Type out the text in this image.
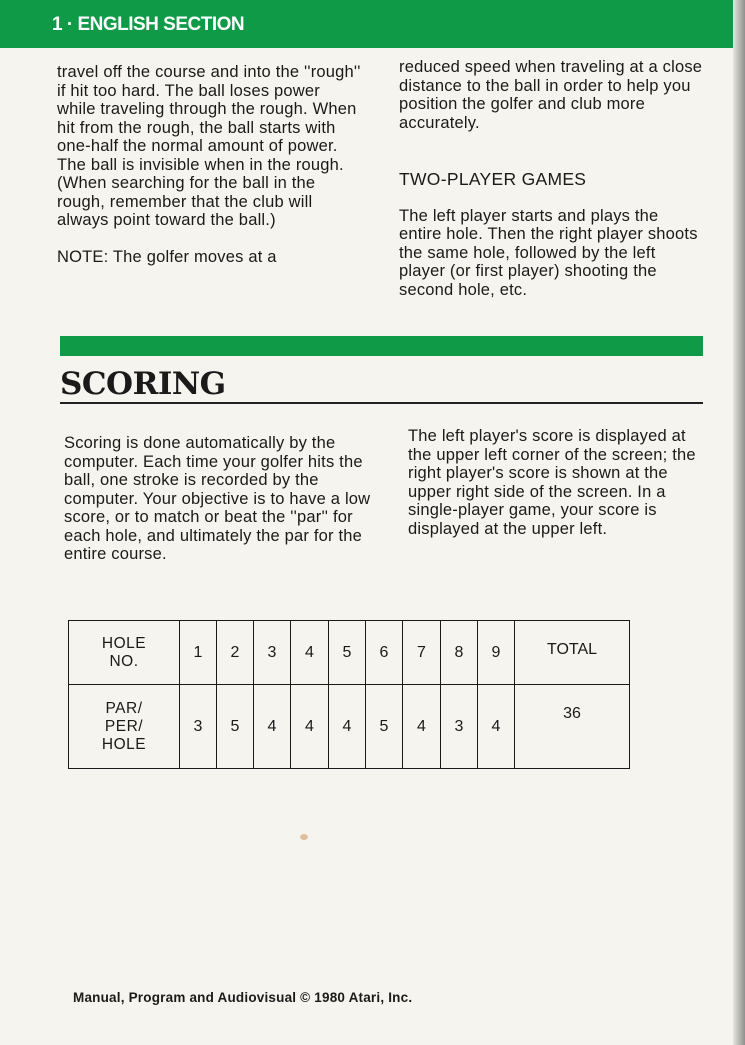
1 · ENGLISH SECTION

travel off the course and into the ''rough'' if hit too hard. The ball loses power while traveling through the rough. When hit from the rough, the ball starts with one-half the normal amount of power. The ball is invisible when in the rough. (When searching for the ball in the rough, remember that the club will always point toward the ball.)

NOTE: The golfer moves at a

reduced speed when traveling at a close distance to the ball in order to help you position the golfer and club more accurately.

TWO-PLAYER GAMES

The left player starts and plays the entire hole. Then the right player shoots the same hole, followed by the left player (or first player) shooting the second hole, etc.

SCORING

Scoring is done automatically by the computer. Each time your golfer hits the ball, one stroke is recorded by the computer. Your objective is to have a low score, or to match or beat the ''par'' for each hole, and ultimately the par for the entire course.

The left player's score is displayed at the upper left corner of the screen; the right player's score is shown at the upper right side of the screen. In a single-player game, your score is displayed at the upper left.

HOLE
NO.	1	2	3	4	5	6	7	8	9	TOTAL
PAR/
PER/
HOLE	3	5	4	4	4	5	4	3	4	36
Manual, Program and Audiovisual © 1980 Atari, Inc.
